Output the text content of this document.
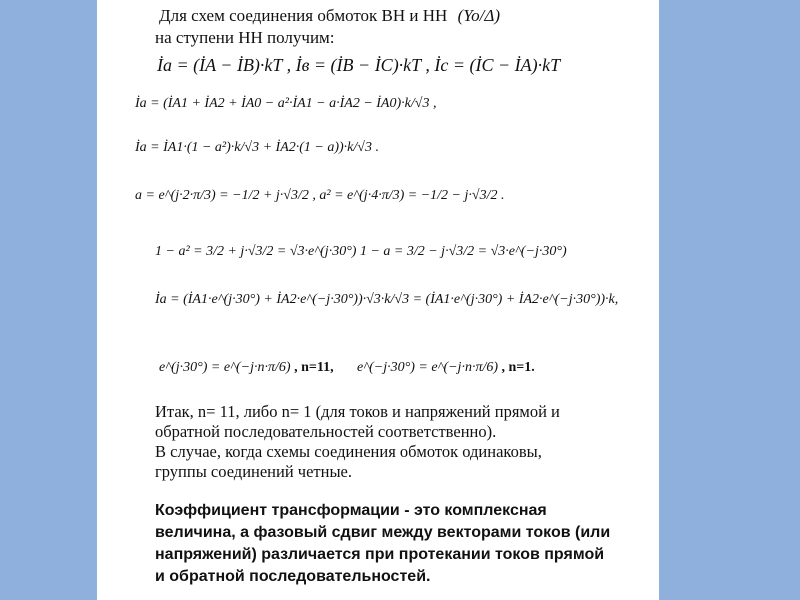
Для схем соединения обмоток ВН и НН (Yo/Δ)
на ступени НН получим:
İa = (İA − İB)·kT , İв = (İB − İC)·kT , İc = (İC − İA)·kT
İa = (İA1 + İA2 + İA0 − a²·İA1 − a·İA2 − İA0)·k/√3 ,
İa = İA1·(1 − a²)·k/√3 + İA2·(1 − a))·k/√3 .
a = e^(j·2·π/3) = −1/2 + j·√3/2 , a² = e^(j·4·π/3) = −1/2 − j·√3/2 .
1 − a² = 3/2 + j·√3/2 = √3·e^(j·30°) 1 − a = 3/2 − j·√3/2 = √3·e^(−j·30°)
İa = (İA1·e^(j·30°) + İA2·e^(−j·30°))·√3·k/√3 = (İA1·e^(j·30°) + İA2·e^(−j·30°))·k,
e^(j·30°) = e^(−j·n·π/6) , n=11, e^(−j·30°) = e^(−j·n·π/6) , n=1.
Итак, n= 11, либо n= 1 (для токов и напряжений прямой и
обратной последовательностей соответственно).
В случае, когда схемы соединения обмоток одинаковы,
группы соединений четные.
Коэффициент трансформации - это комплексная
величина, а фазовый сдвиг между векторами токов (или
напряжений) различается при протекании токов прямой
и обратной последовательностей.
